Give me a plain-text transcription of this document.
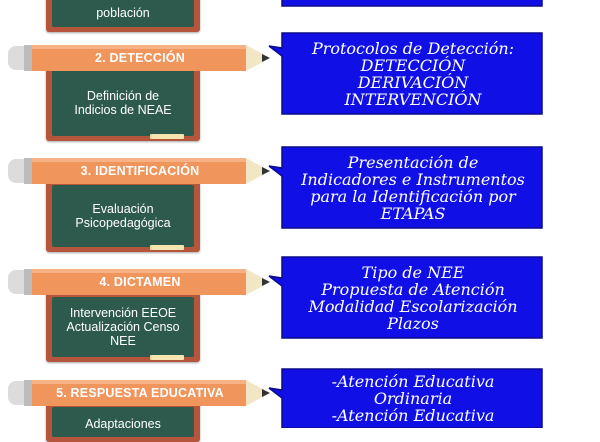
población
Definición de
Indicios de NEAE
2. DETECCIÓN	Protocolos de Detección:
DETECCIÓN
DERIVACIÓN
INTERVENCIÓN
Evaluación
Psicopedagógica
3. IDENTIFICACIÓN	Presentación de
Indicadores e Instrumentos
para la Identificación por
ETAPAS
Intervención EEOE
Actualización Censo
NEE
4. DICTAMEN	Tipo de NEE
Propuesta de Atención
Modalidad Escolarización
Plazos
Adaptaciones
5. RESPUESTA EDUCATIVA
-Atención Educativa
Ordinaria
-Atención Educativa
